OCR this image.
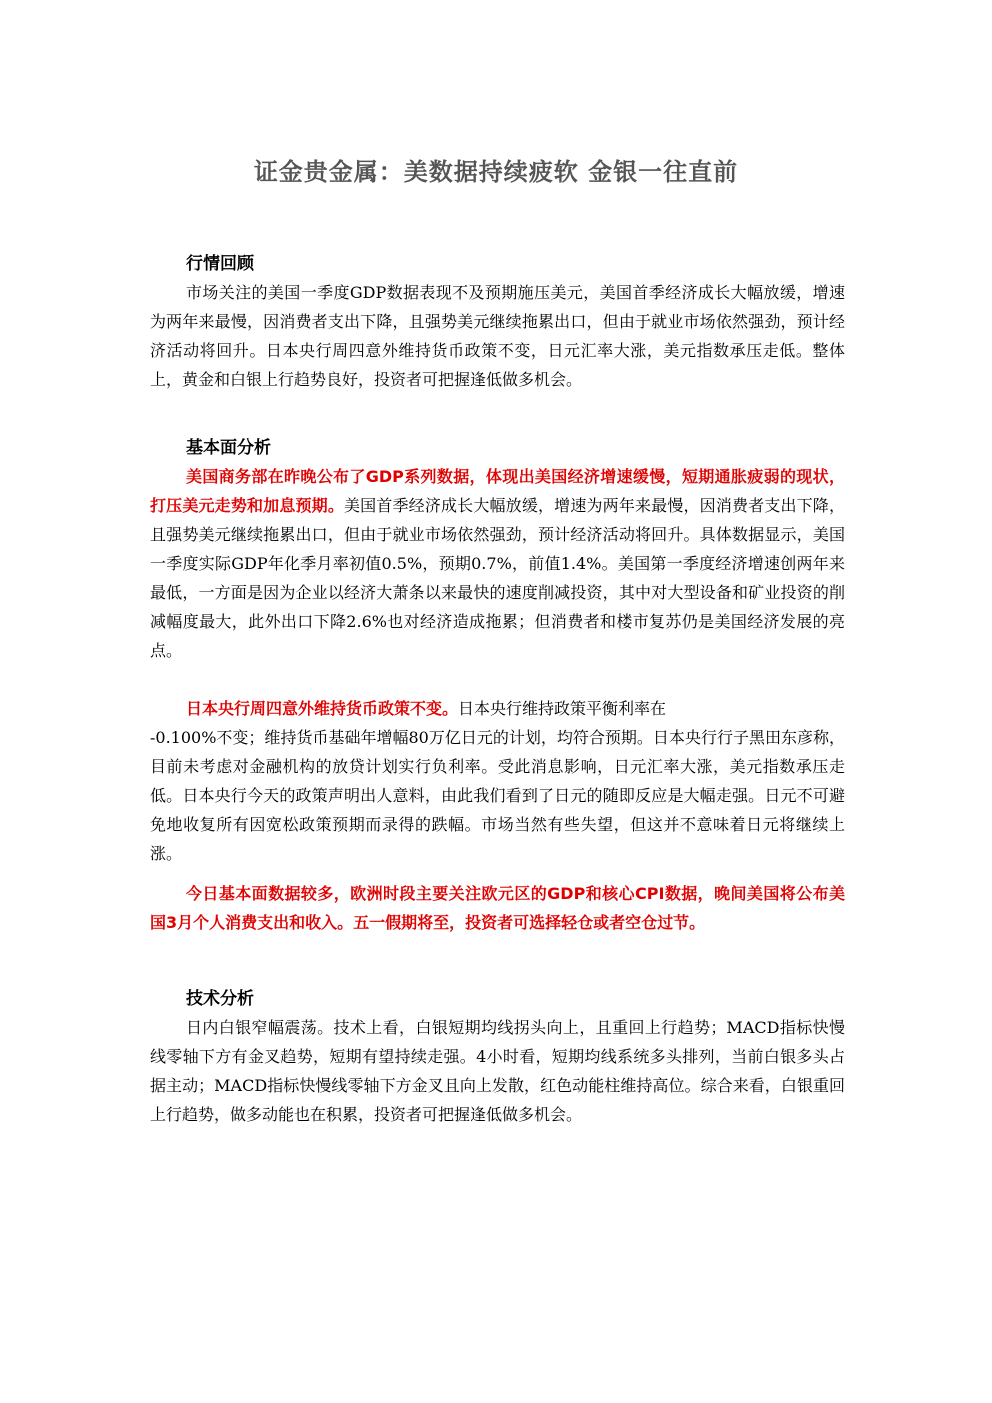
证金贵金属：美数据持续疲软 金银一往直前
行情回顾

市场关注的美国一季度GDP数据表现不及预期施压美元，美国首季经济成长大幅放缓，增速为两年来最慢，因消费者支出下降，且强势美元继续拖累出口，但由于就业市场依然强劲，预计经济活动将回升。日本央行周四意外维持货币政策不变，日元汇率大涨，美元指数承压走低。整体上，黄金和白银上行趋势良好，投资者可把握逢低做多机会。

基本面分析

美国商务部在昨晚公布了GDP系列数据，体现出美国经济增速缓慢，短期通胀疲弱的现状，打压美元走势和加息预期。美国首季经济成长大幅放缓，增速为两年来最慢，因消费者支出下降，且强势美元继续拖累出口，但由于就业市场依然强劲，预计经济活动将回升。具体数据显示，美国一季度实际GDP年化季月率初值0.5%，预期0.7%，前值1.4%。美国第一季度经济增速创两年来最低，一方面是因为企业以经济大萧条以来最快的速度削减投资，其中对大型设备和矿业投资的削减幅度最大，此外出口下降2.6%也对经济造成拖累；但消费者和楼市复苏仍是美国经济发展的亮点。

日本央行周四意外维持货币政策不变。日本央行维持政策平衡利率在

-0.100%不变；维持货币基础年增幅80万亿日元的计划，均符合预期。日本央行行子黑田东彦称，目前未考虑对金融机构的放贷计划实行负利率。受此消息影响，日元汇率大涨，美元指数承压走低。日本央行今天的政策声明出人意料，由此我们看到了日元的随即反应是大幅走强。日元不可避免地收复所有因宽松政策预期而录得的跌幅。市场当然有些失望，但这并不意味着日元将继续上涨。

今日基本面数据较多，欧洲时段主要关注欧元区的GDP和核心CPI数据，晚间美国将公布美国3月个人消费支出和收入。五一假期将至，投资者可选择轻仓或者空仓过节。

技术分析

日内白银窄幅震荡。技术上看，白银短期均线拐头向上，且重回上行趋势；MACD指标快慢线零轴下方有金叉趋势，短期有望持续走强。4小时看，短期均线系统多头排列，当前白银多头占据主动；MACD指标快慢线零轴下方金叉且向上发散，红色动能柱维持高位。综合来看，白银重回上行趋势，做多动能也在积累，投资者可把握逢低做多机会。
